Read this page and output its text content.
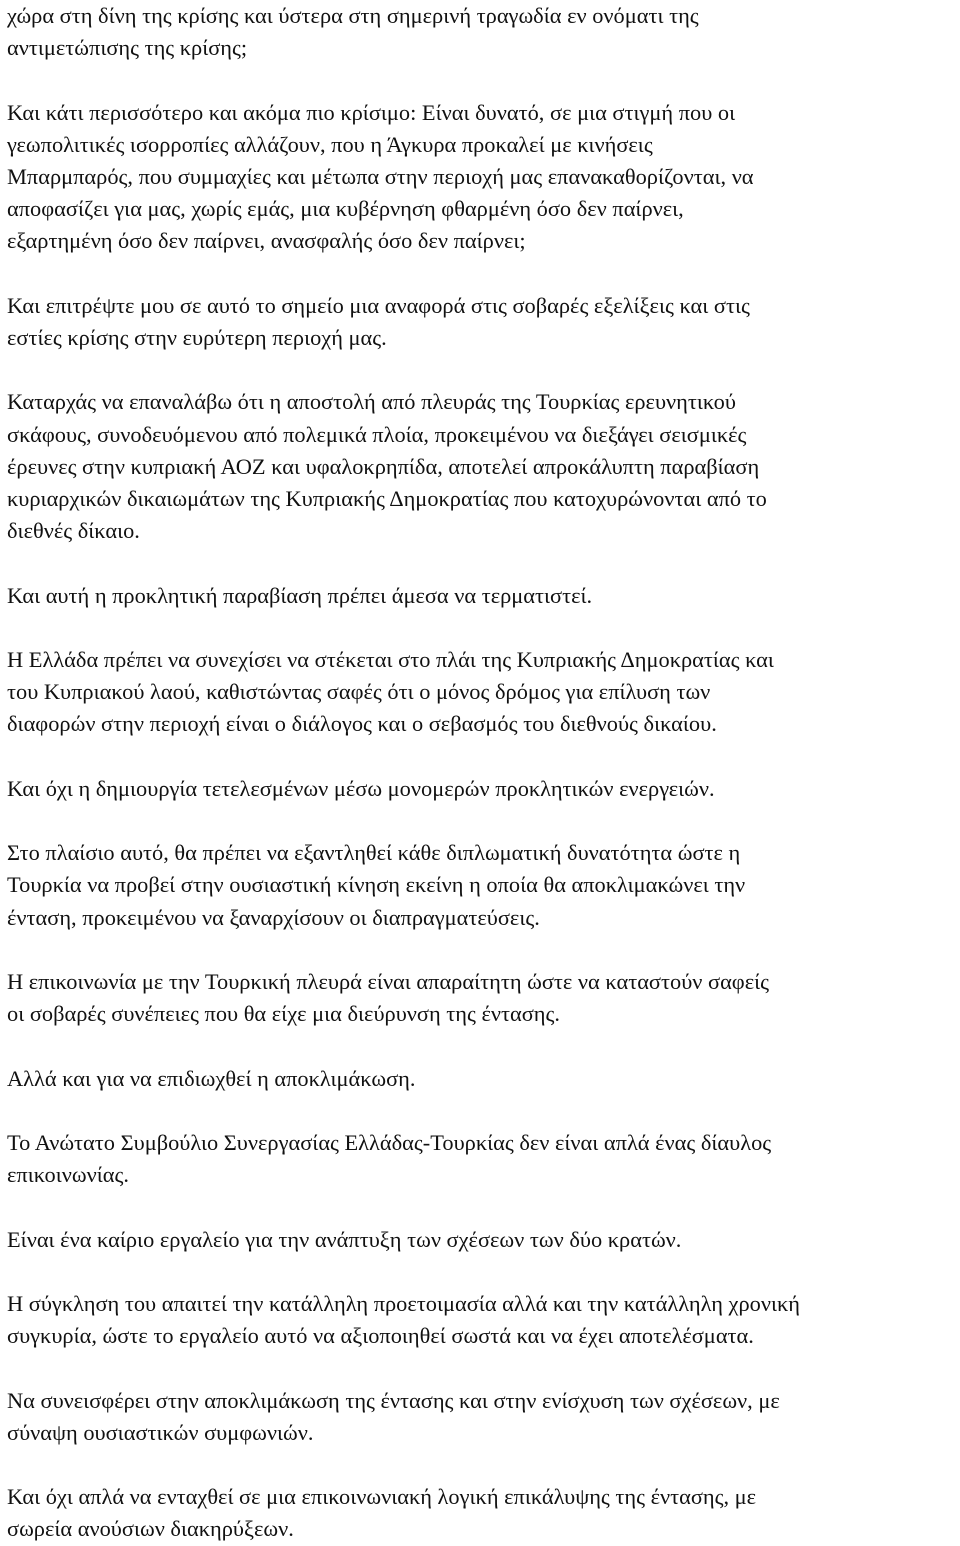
χώρα στη δίνη της κρίσης και ύστερα στη σημερινή τραγωδία εν ονόματι της
αντιμετώπισης της κρίσης;
Και κάτι περισσότερο και ακόμα πιο κρίσιμο: Είναι δυνατό, σε μια στιγμή που οι
γεωπολιτικές ισορροπίες αλλάζουν, που η Άγκυρα προκαλεί με κινήσεις
Μπαρμπαρός, που συμμαχίες και μέτωπα στην περιοχή μας επανακαθορίζονται, να
αποφασίζει για μας, χωρίς εμάς, μια κυβέρνηση φθαρμένη όσο δεν παίρνει,
εξαρτημένη όσο δεν παίρνει, ανασφαλής όσο δεν παίρνει;
Και επιτρέψτε μου σε αυτό το σημείο μια αναφορά στις σοβαρές εξελίξεις και στις
εστίες κρίσης στην ευρύτερη περιοχή μας.
Καταρχάς να επαναλάβω ότι η αποστολή από πλευράς της Τουρκίας ερευνητικού
σκάφους, συνοδευόμενου από πολεμικά πλοία, προκειμένου να διεξάγει σεισμικές
έρευνες στην κυπριακή ΑΟΖ και υφαλοκρηπίδα, αποτελεί απροκάλυπτη παραβίαση
κυριαρχικών δικαιωμάτων της Κυπριακής Δημοκρατίας που κατοχυρώνονται από το
διεθνές δίκαιο.
Και αυτή η προκλητική παραβίαση πρέπει άμεσα να τερματιστεί.
Η Ελλάδα πρέπει να συνεχίσει να στέκεται στο πλάι της Κυπριακής Δημοκρατίας και
του Κυπριακού λαού, καθιστώντας σαφές ότι ο μόνος δρόμος για επίλυση των
διαφορών στην περιοχή είναι ο διάλογος και ο σεβασμός του διεθνούς δικαίου.
Και όχι η δημιουργία τετελεσμένων μέσω μονομερών προκλητικών ενεργειών.
Στο πλαίσιο αυτό, θα πρέπει να εξαντληθεί κάθε διπλωματική δυνατότητα ώστε η
Τουρκία να προβεί στην ουσιαστική κίνηση εκείνη η οποία θα αποκλιμακώνει την
ένταση, προκειμένου να ξαναρχίσουν οι διαπραγματεύσεις.
Η επικοινωνία με την Τουρκική πλευρά είναι απαραίτητη ώστε να καταστούν σαφείς
οι σοβαρές συνέπειες που θα είχε μια διεύρυνση της έντασης.
Αλλά και για να επιδιωχθεί η αποκλιμάκωση.
Το Ανώτατο Συμβούλιο Συνεργασίας Ελλάδας-Τουρκίας δεν είναι απλά ένας δίαυλος
επικοινωνίας.
Είναι ένα καίριο εργαλείο για την ανάπτυξη των σχέσεων των δύο κρατών.
Η σύγκληση του απαιτεί την κατάλληλη προετοιμασία αλλά και την κατάλληλη χρονική
συγκυρία, ώστε το εργαλείο αυτό να αξιοποιηθεί σωστά και να έχει αποτελέσματα.
Να συνεισφέρει στην αποκλιμάκωση της έντασης και στην ενίσχυση των σχέσεων, με
σύναψη ουσιαστικών συμφωνιών.
Και όχι απλά να ενταχθεί σε μια επικοινωνιακή λογική επικάλυψης της έντασης, με
σωρεία ανούσιων διακηρύξεων.
